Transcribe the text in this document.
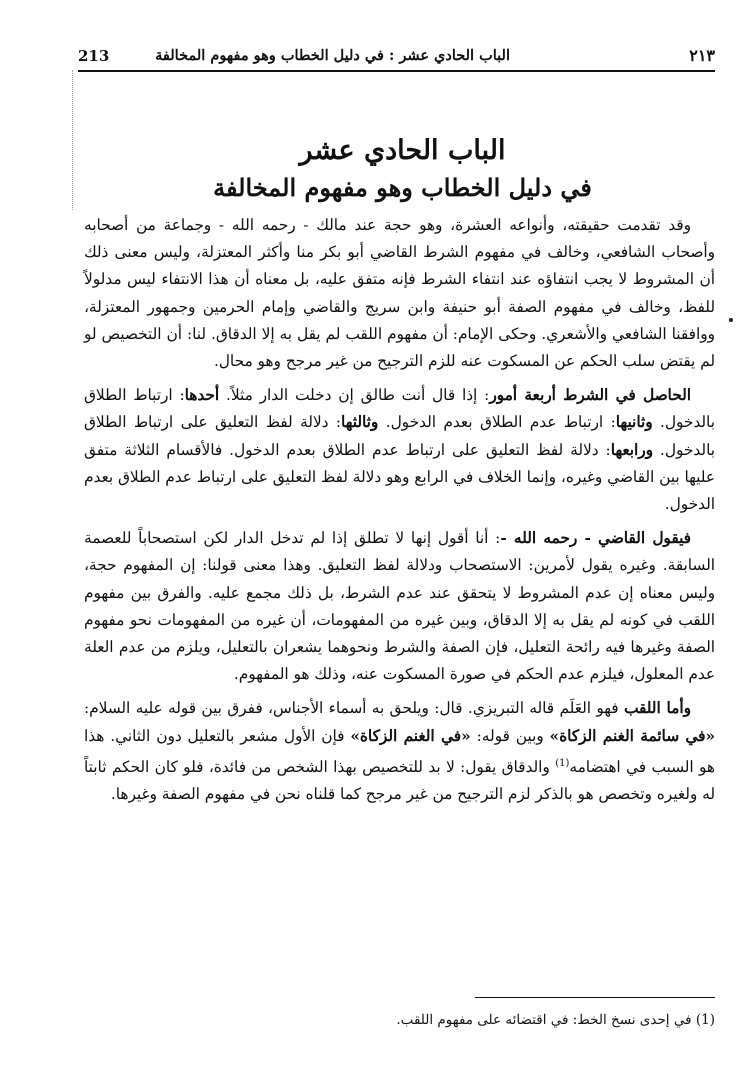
٢١٣
الباب الحادي عشر : في دليل الخطاب وهو مفهوم المخالفة
213
الباب الحادي عشر
في دليل الخطاب وهو مفهوم المخالفة

وقد تقدمت حقيقته، وأنواعه العشرة، وهو حجة عند مالك - رحمه الله - وجماعة من أصحابه وأصحاب الشافعي، وخالف في مفهوم الشرط القاضي أبو بكر منا وأكثر المعتزلة، وليس معنى ذلك أن المشروط لا يجب انتفاؤه عند انتفاء الشرط فإنه متفق عليه، بل معناه أن هذا الانتفاء ليس مدلولاً للفظ، وخالف في مفهوم الصفة أبو حنيفة وابن سريج والقاضي وإمام الحرمين وجمهور المعتزلة، ووافقنا الشافعي والأشعري. وحكى الإمام: أن مفهوم اللقب لم يقل به إلا الدقاق. لنا: أن التخصيص لو لم يقتض سلب الحكم عن المسكوت عنه للزم الترجيح من غير مرجح وهو محال.

الحاصل في الشرط أربعة أمور: إذا قال أنت طالق إن دخلت الدار مثلاً. أحدها: ارتباط الطلاق بالدخول. وثانيها: ارتباط عدم الطلاق بعدم الدخول. وثالثها: دلالة لفظ التعليق على ارتباط الطلاق بالدخول. ورابعها: دلالة لفظ التعليق على ارتباط عدم الطلاق بعدم الدخول. فالأقسام الثلاثة متفق عليها بين القاضي وغيره، وإنما الخلاف في الرابع وهو دلالة لفظ التعليق على ارتباط عدم الطلاق بعدم الدخول.

فيقول القاضي - رحمه الله -: أنا أقول إنها لا تطلق إذا لم تدخل الدار لكن استصحاباً للعصمة السابقة. وغيره يقول لأمرين: الاستصحاب ودلالة لفظ التعليق. وهذا معنى قولنا: إن المفهوم حجة، وليس معناه إن عدم المشروط لا يتحقق عند عدم الشرط، بل ذلك مجمع عليه. والفرق بين مفهوم اللقب في كونه لم يقل به إلا الدقاق، وبين غيره من المفهومات، أن غيره من المفهومات نحو مفهوم الصفة وغيرها فيه رائحة التعليل، فإن الصفة والشرط ونحوهما يشعران بالتعليل، ويلزم من عدم العلة عدم المعلول، فيلزم عدم الحكم في صورة المسكوت عنه، وذلك هو المفهوم.

وأما اللقب فهو العَلَم قاله التبريزي. قال: ويلحق به أسماء الأجناس، ففرق بين قوله عليه السلام: «في سائمة الغنم الزكاة» وبين قوله: «في الغنم الزكاة» فإن الأول مشعر بالتعليل دون الثاني. هذا هو السبب في اهتضامه$^{(1)}$ والدقاق يقول: لا بد للتخصيص بهذا الشخص من فائدة، فلو كان الحكم ثابتاً له ولغيره وتخصص هو بالذكر لزم الترجيح من غير مرجح كما قلناه نحن في مفهوم الصفة وغيرها.

(1) في إحدى نسخ الخط: في اقتضائه على مفهوم اللقب.
